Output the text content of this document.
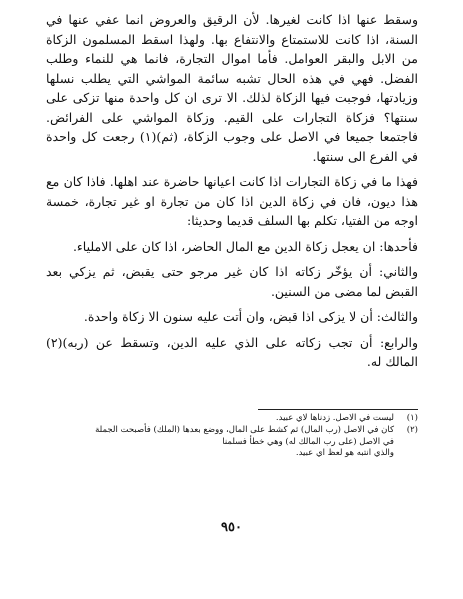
وسقط عنها اذا كانت لغيرها. لأن الرقيق والعروض انما عفي عنها في السنة، اذا كانت للاستمتاع والانتفاع بها. ولهذا اسقط المسلمون الزكاة من الابل والبقر العوامل. فأما اموال التجارة، فانما هي للنماء وطلب الفضل. فهي في هذه الحال تشبه سائمة المواشي التي يطلب نسلها وزيادتها، فوجبت فيها الزكاة لذلك. الا ترى ان كل واحدة منها تزكى على سنتها؟ فزكاة التجارات على القيم. وزكاة المواشي على الفرائض. فاجتمعا جميعا في الاصل على وجوب الزكاة، (ثم)(١) رجعت كل واحدة في الفرع الى سنتها.

فهذا ما في زكاة التجارات اذا كانت اعيانها حاضرة عند اهلها. فاذا كان مع هذا ديون، فان في زكاة الدين اذا كان من تجارة او غير تجارة، خمسة اوجه من الفتيا، تكلم بها السلف قديما وحديثا:

فأحدها: ان يعجل زكاة الدين مع المال الحاضر، اذا كان على الاملياء.

والثاني: أن يؤخّر زكاته اذا كان غير مرجو حتى يقبض، ثم يزكي بعد القبض لما مضى من السنين.

والثالث: أن لا يزكى اذا قبض، وان أتت عليه سنون الا زكاة واحدة.

والرابع: أن تجب زكاته على الذي عليه الدين، وتسقط عن (ربه)(٢) المالك له.

(١)
ليست في الاصل. زدناها لاي عبيد.
(٢)
كان في الاصل (رب المال) ثم كشط على المال، ووضع بعدها (الملك) فأصبحت الجملة
في الاصل (على رب المالك له) وهي خطأ فسلمنا
والذي انتبه هو لعظ اي عبيد.
٩٥٠
